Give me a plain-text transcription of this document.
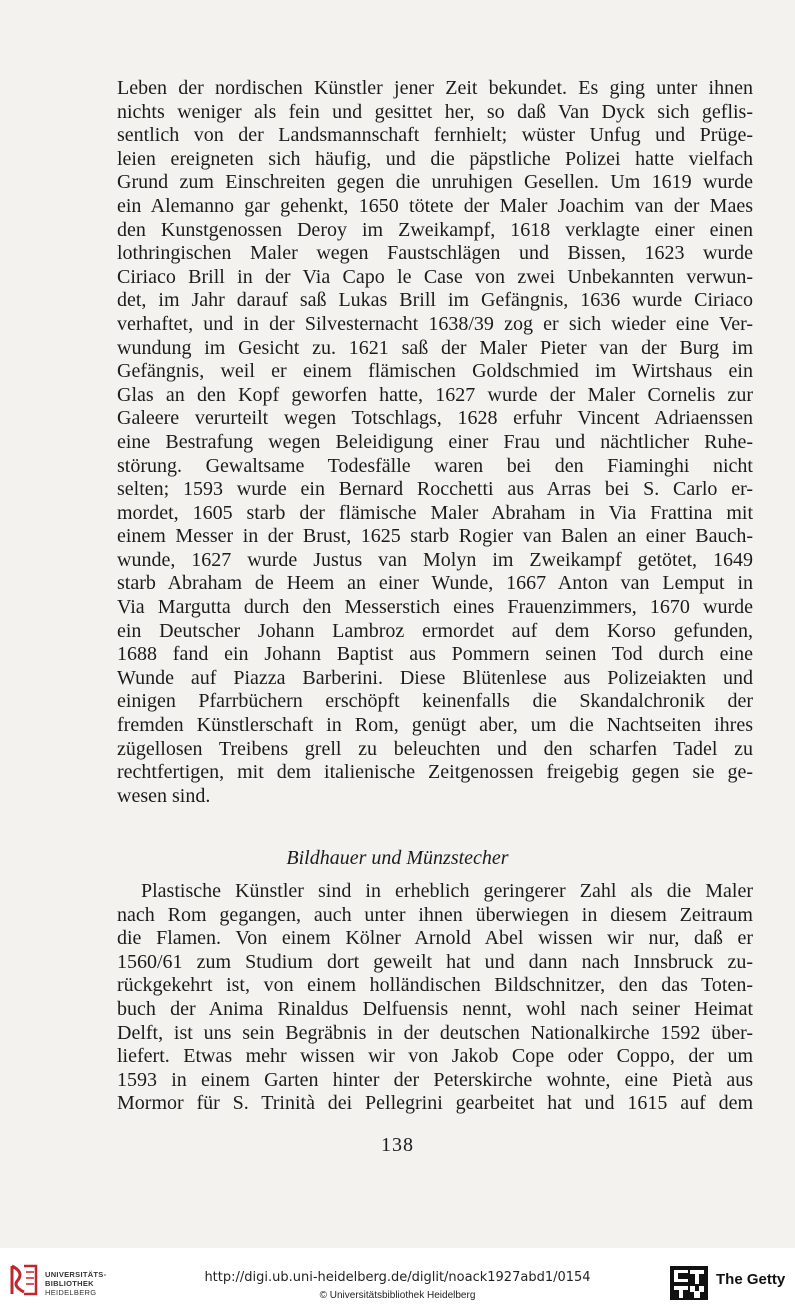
Leben der nordischen Künstler jener Zeit bekundet. Es ging unter ihnen
nichts weniger als fein und gesittet her, so daß Van Dyck sich geflis-
sentlich von der Landsmannschaft fernhielt; wüster Unfug und Prüge-
leien ereigneten sich häufig, und die päpstliche Polizei hatte vielfach
Grund zum Einschreiten gegen die unruhigen Gesellen. Um 1619 wurde
ein Alemanno gar gehenkt, 1650 tötete der Maler Joachim van der Maes
den Kunstgenossen Deroy im Zweikampf, 1618 verklagte einer einen
lothringischen Maler wegen Faustschlägen und Bissen, 1623 wurde
Ciriaco Brill in der Via Capo le Case von zwei Unbekannten verwun-
det, im Jahr darauf saß Lukas Brill im Gefängnis, 1636 wurde Ciriaco
verhaftet, und in der Silvesternacht 1638/39 zog er sich wieder eine Ver-
wundung im Gesicht zu. 1621 saß der Maler Pieter van der Burg im
Gefängnis, weil er einem flämischen Goldschmied im Wirtshaus ein
Glas an den Kopf geworfen hatte, 1627 wurde der Maler Cornelis zur
Galeere verurteilt wegen Totschlags, 1628 erfuhr Vincent Adriaenssen
eine Bestrafung wegen Beleidigung einer Frau und nächtlicher Ruhe-
störung. Gewaltsame Todesfälle waren bei den Fiaminghi nicht
selten; 1593 wurde ein Bernard Rocchetti aus Arras bei S. Carlo er-
mordet, 1605 starb der flämische Maler Abraham in Via Frattina mit
einem Messer in der Brust, 1625 starb Rogier van Balen an einer Bauch-
wunde, 1627 wurde Justus van Molyn im Zweikampf getötet, 1649
starb Abraham de Heem an einer Wunde, 1667 Anton van Lemput in
Via Margutta durch den Messerstich eines Frauenzimmers, 1670 wurde
ein Deutscher Johann Lambroz ermordet auf dem Korso gefunden,
1688 fand ein Johann Baptist aus Pommern seinen Tod durch eine
Wunde auf Piazza Barberini. Diese Blütenlese aus Polizeiakten und
einigen Pfarrbüchern erschöpft keinenfalls die Skandalchronik der
fremden Künstlerschaft in Rom, genügt aber, um die Nachtseiten ihres
zügellosen Treibens grell zu beleuchten und den scharfen Tadel zu
rechtfertigen, mit dem italienische Zeitgenossen freigebig gegen sie ge-
wesen sind.
Bildhauer und Münzstecher
Plastische Künstler sind in erheblich geringerer Zahl als die Maler
nach Rom gegangen, auch unter ihnen überwiegen in diesem Zeitraum
die Flamen. Von einem Kölner Arnold Abel wissen wir nur, daß er
1560/61 zum Studium dort geweilt hat und dann nach Innsbruck zu-
rückgekehrt ist, von einem holländischen Bildschnitzer, den das Toten-
buch der Anima Rinaldus Delfuensis nennt, wohl nach seiner Heimat
Delft, ist uns sein Begräbnis in der deutschen Nationalkirche 1592 über-
liefert. Etwas mehr wissen wir von Jakob Cope oder Coppo, der um
1593 in einem Garten hinter der Peterskirche wohnte, eine Pietà aus
Mormor für S. Trinità dei Pellegrini gearbeitet hat und 1615 auf dem
138
UNIVERSITÄTS-
BIBLIOTHEK
HEIDELBERG
http://digi.ub.uni-heidelberg.de/diglit/noack1927abd1/0154
© Universitätsbibliothek Heidelberg
The Getty
